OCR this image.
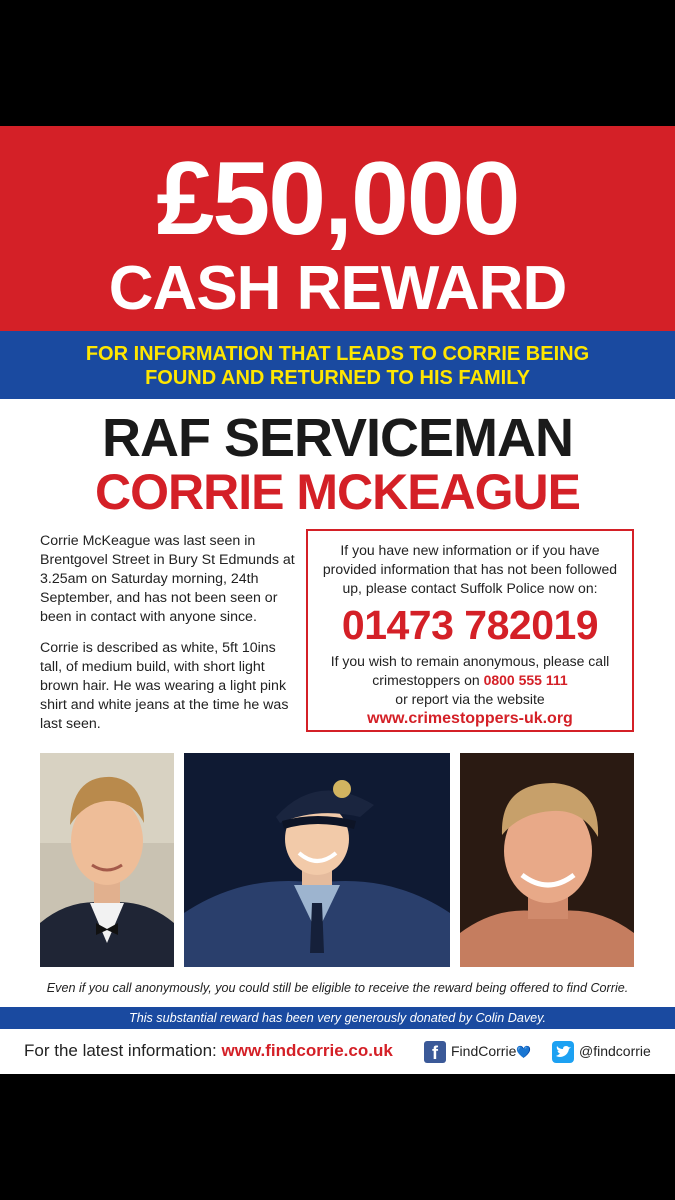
£50,000
CASH REWARD
FOR INFORMATION THAT LEADS TO CORRIE BEING
FOUND AND RETURNED TO HIS FAMILY
RAF SERVICEMAN
CORRIE MCKEAGUE

Corrie McKeague was last seen in Brentgovel Street in Bury St Edmunds at 3.25am on Saturday morning, 24th September, and has not been seen or been in contact with anyone since.

Corrie is described as white, 5ft 10ins tall, of medium build, with short light brown hair. He was wearing a light pink shirt and white jeans at the time he was last seen.

If you have new information or if you have provided information that has not been followed up, please contact Suffolk Police now on:
01473 782019
If you wish to remain anonymous, please call crimestoppers on 0800 555 111
or report via the website
www.crimestoppers-uk.org
Even if you call anonymously, you could still be eligible to receive the reward being offered to find Corrie.
This substantial reward has been very generously donated by Colin Davey.
For the latest information: www.findcorrie.co.uk	f FindCorrie💙	@findcorrie
